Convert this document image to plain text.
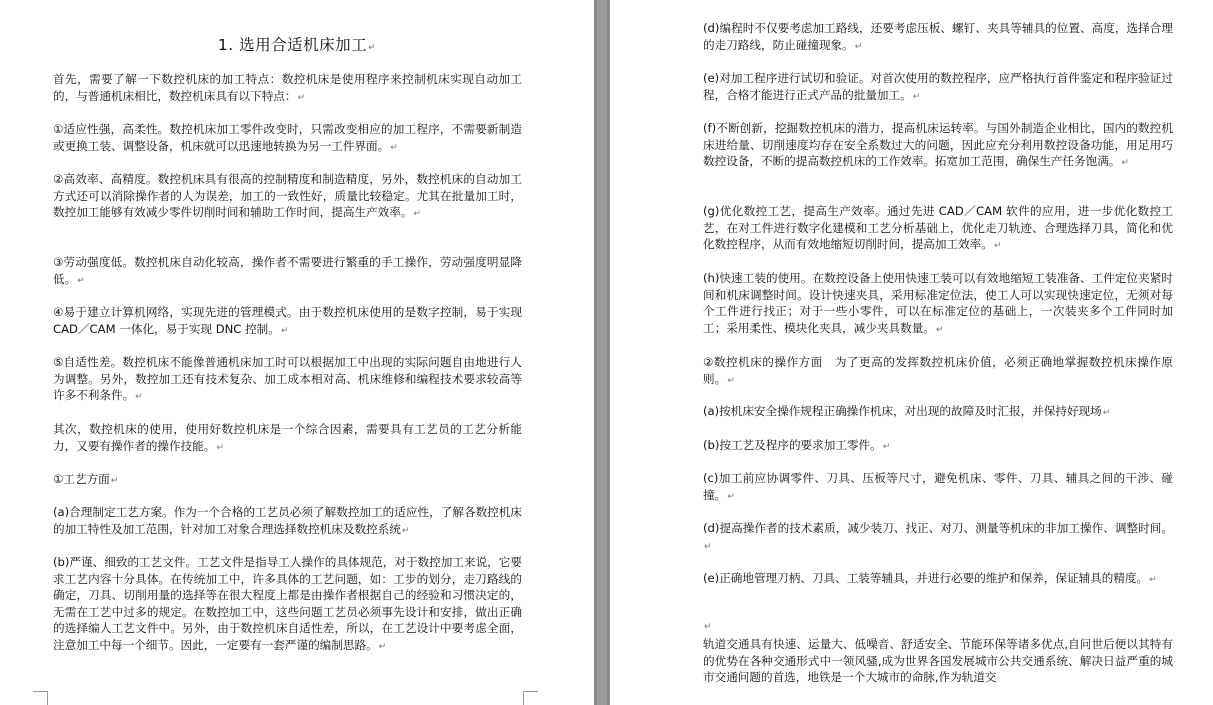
1. 选用合适机床加工↵

首先，需要了解一下数控机床的加工特点：数控机床是使用程序来控制机床实现自动加工的，与普通机床相比，数控机床具有以下特点：↵

①适应性强，高柔性。数控机床加工零件改变时，只需改变相应的加工程序，不需要新制造或更换工装、调整设备，机床就可以迅速地转换为另一工件界面。↵

②高效率、高精度。数控机床具有很高的控制精度和制造精度，另外，数控机床的自动加工方式还可以消除操作者的人为误差，加工的一致性好，质量比较稳定。尤其在批量加工时，数控加工能够有效减少零件切削时间和辅助工作时间，提高生产效率。↵

③劳动强度低。数控机床自动化较高，操作者不需要进行繁重的手工操作，劳动强度明显降低。↵

④易于建立计算机网络，实现先进的管理模式。由于数控机床使用的是数字控制，易于实现 CAD／CAM 一体化，易于实现 DNC 控制。↵

⑤自适性差。数控机床不能像普通机床加工时可以根据加工中出现的实际问题自由地进行人为调整。另外，数控加工还有技术复杂、加工成本相对高、机床维修和编程技术要求较高等许多不利条件。↵

其次，数控机床的使用，使用好数控机床是一个综合因素，需要具有工艺员的工艺分析能力，又要有操作者的操作技能。↵

①工艺方面↵

(a)合理制定工艺方案。作为一个合格的工艺员必须了解数控加工的适应性，了解各数控机床的加工特性及加工范围，针对加工对象合理选择数控机床及数控系统↵

(b)严谨、细致的工艺文件。工艺文件是指导工人操作的具体规范，对于数控加工来说，它要求工艺内容十分具体。在传统加工中，许多具体的工艺问题，如：工步的划分，走刀路线的确定，刀具、切削用量的选择等在很大程度上都是由操作者根据自己的经验和习惯决定的，无需在工艺中过多的规定。在数控加工中，这些问题工艺员必须事先设计和安排，做出正确的选择编人工艺文件中。另外，由于数控机床自适性差，所以，在工艺设计中要考虑全面，注意加工中每一个细节。因此，一定要有一套严谨的编制思路。↵

(d)编程时不仅要考虑加工路线，还要考虑压板、螺钉、夹具等辅具的位置、高度，选择合理的走刀路线，防止碰撞现象。↵

(e)对加工程序进行试切和验证。对首次使用的数控程序，应严格执行首件鉴定和程序验证过程，合格才能进行正式产品的批量加工。↵

(f)不断创新，挖掘数控机床的潜力，提高机床运转率。与国外制造企业相比，国内的数控机床进给量、切削速度均存在安全系数过大的问题，因此应充分利用数控设备功能，用足用巧数控设备，不断的提高数控机床的工作效率。拓宽加工范围，确保生产任务饱满。↵

(g)优化数控工艺，提高生产效率。通过先进 CAD／CAM 软件的应用，进一步优化数控工艺，在对工件进行数字化建模和工艺分析基础上，优化走刀轨迹、合理选择刀具，简化和优化数控程序，从而有效地缩短切削时间，提高加工效率。↵

(h)快速工装的使用。在数控设备上使用快速工装可以有效地缩短工装准备、工件定位夹紧时间和机床调整时间。设计快速夹具，采用标准定位法，使工人可以实现快速定位，无须对每个工件进行找正；对于一些小零件，可以在标准定位的基础上，一次装夹多个工件同时加工；采用柔性、模块化夹具，减少夹具数量。↵

②数控机床的操作方面　为了更高的发挥数控机床价值，必须正确地掌握数控机床操作原则。↵

(a)按机床安全操作规程正确操作机床，对出现的故障及时汇报，并保持好现场↵

(b)按工艺及程序的要求加工零件。↵

(c)加工前应协调零件、刀具、压板等尺寸，避免机床、零件、刀具、辅具之间的干涉、碰撞。↵

(d)提高操作者的技术素质，减少装刀、找正、对刀、测量等机床的非加工操作、调整时间。↵

(e)正确地管理刀柄、刀具、工装等辅具，并进行必要的维护和保养，保证辅具的精度。↵

↵

轨道交通具有快速、运量大、低噪音、舒适安全、节能环保等诸多优点,自问世后便以其特有的优势在各种交通形式中一领风骚,成为世界各国发展城市公共交通系统、解决日益严重的城市交通问题的首选，地铁是一个大城市的命脉,作为轨道交
